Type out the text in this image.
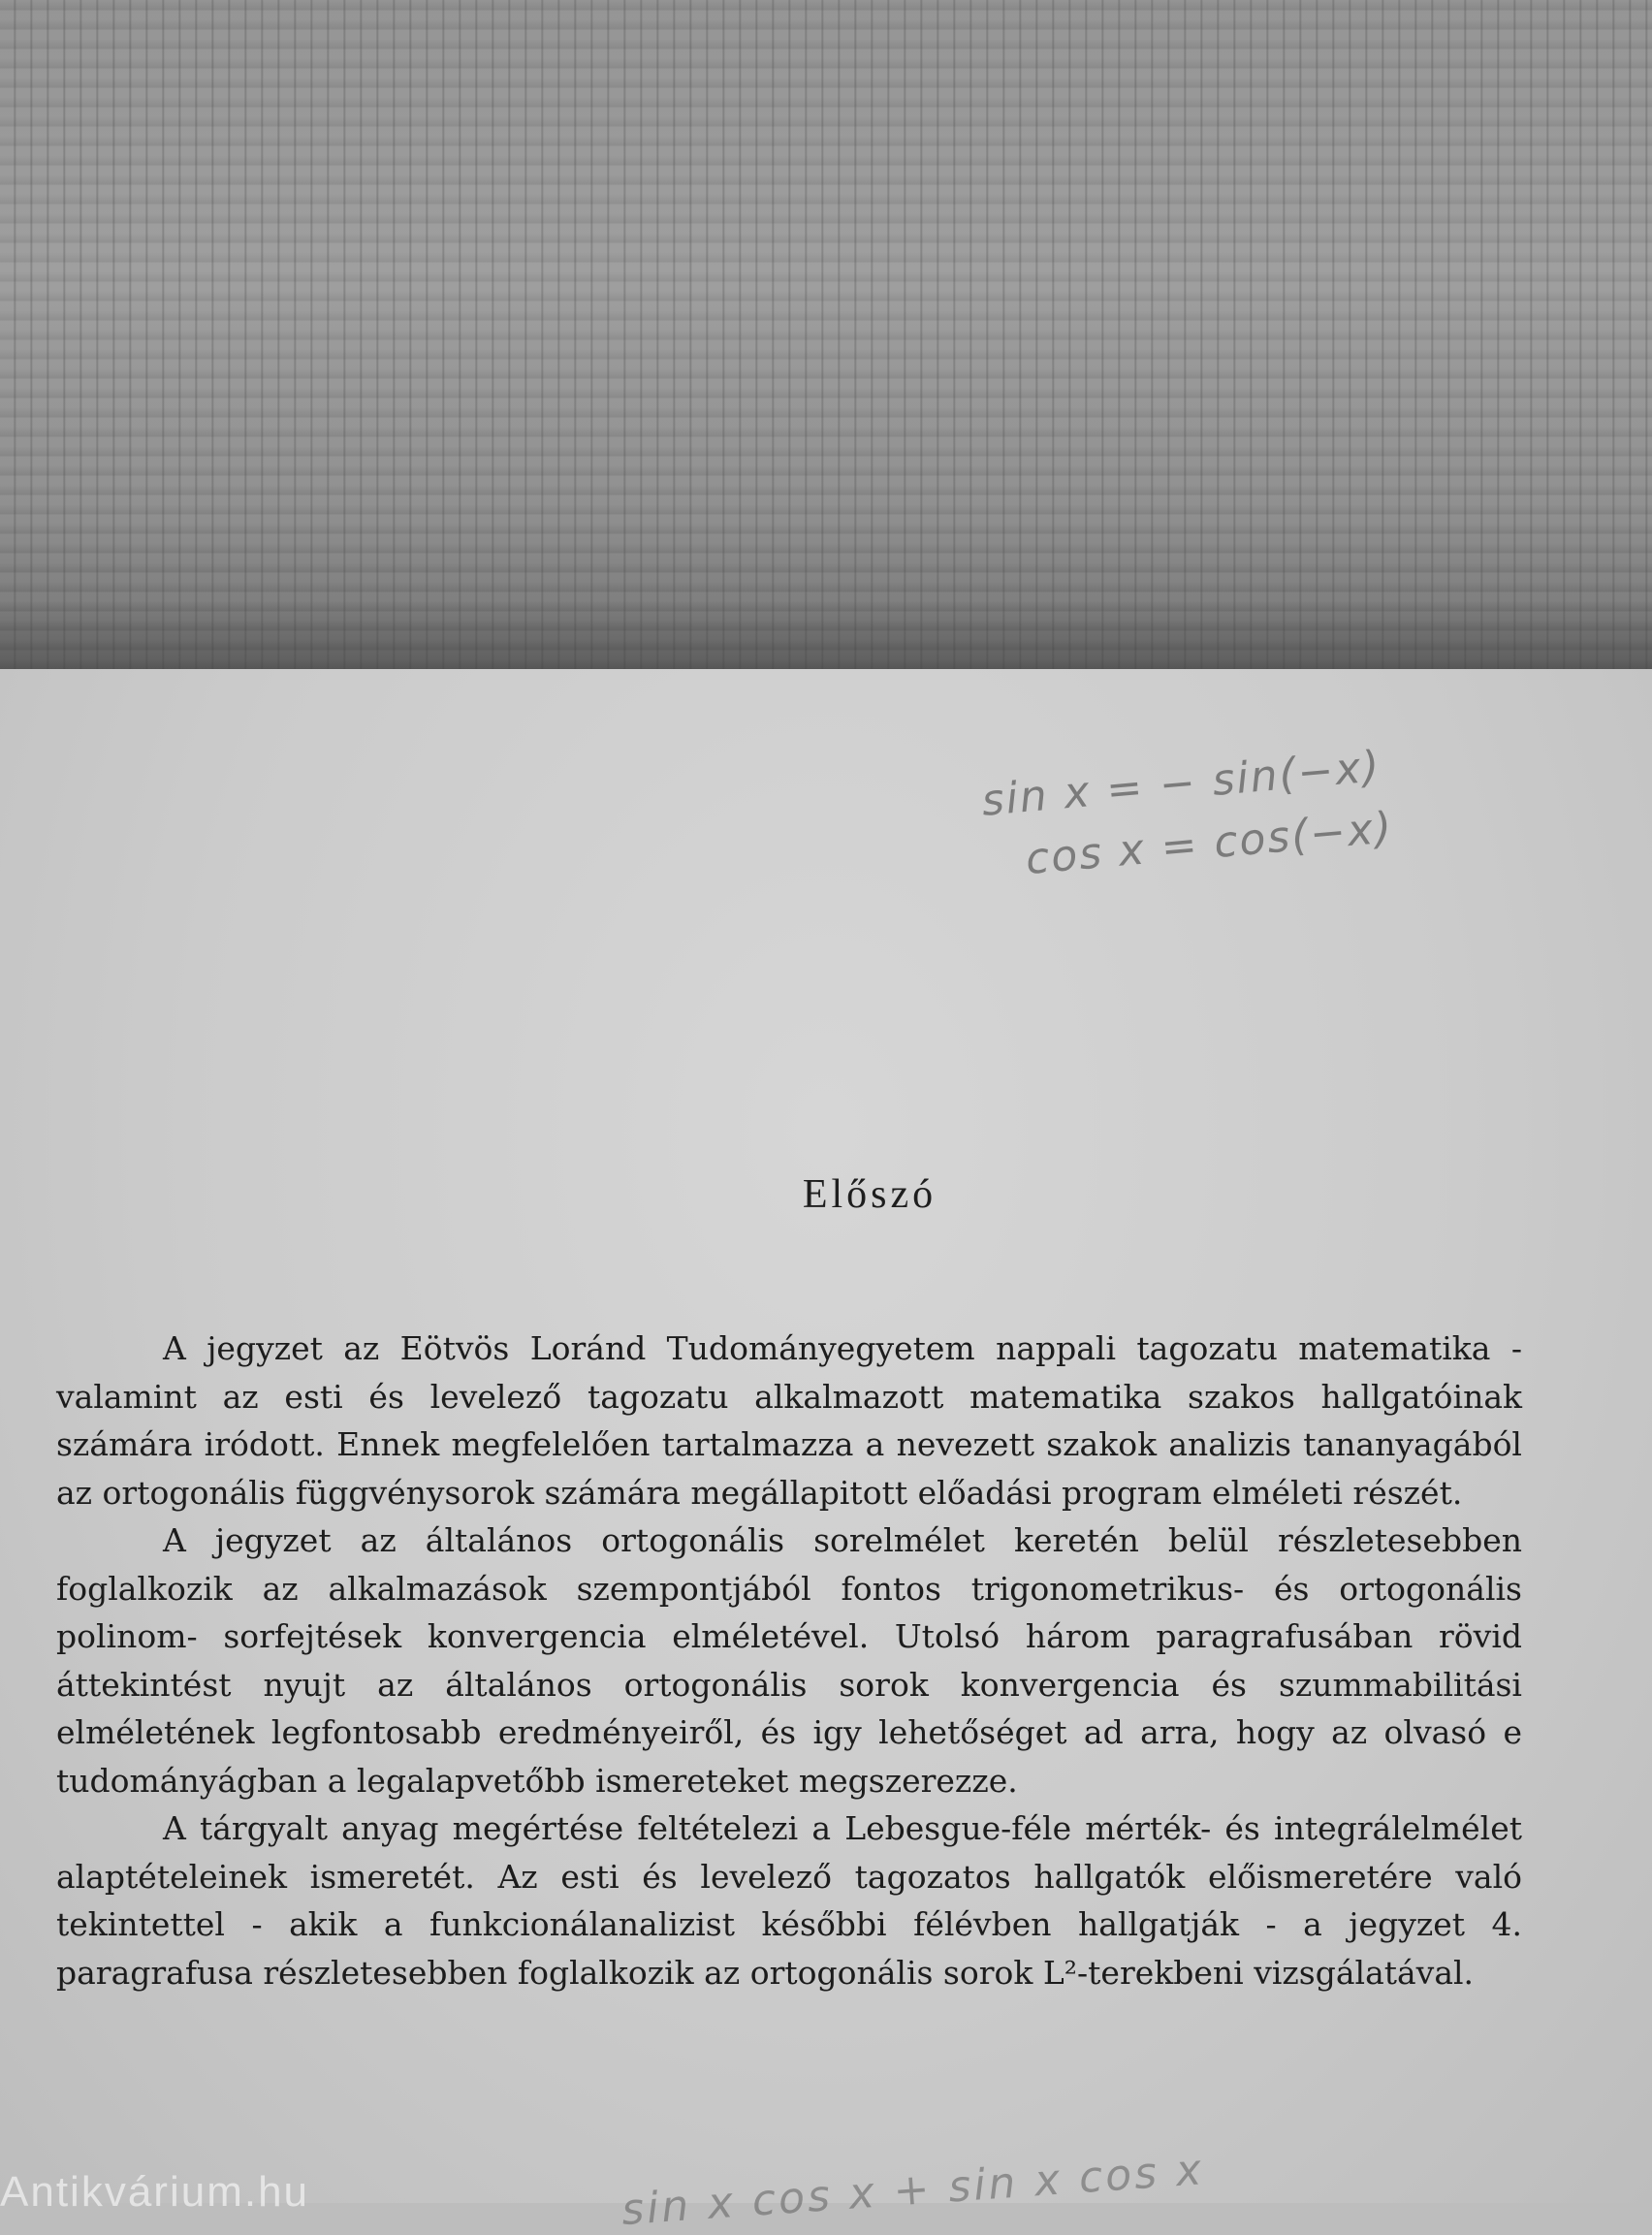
sin x = − sin(−x)
cos x = cos(−x)
Előszó

A jegyzet az Eötvös Loránd Tudományegyetem nappali tagozatu matematika - valamint az esti és levelező tagozatu alkalmazott matematika szakos hallgatóinak számára iródott. Ennek megfelelően tartalmazza a nevezett szakok analizis tananyagából az ortogonális függvénysorok számára megállapitott előadási program elméleti részét.

A jegyzet az általános ortogonális sorelmélet keretén belül részletesebben foglalkozik az alkalmazások szempontjából fontos trigonometrikus- és ortogonális polinom- sorfejtések konvergencia elméletével. Utolsó három paragrafusában rövid áttekintést nyujt az általános ortogonális sorok konvergencia és szummabilitási elméletének legfontosabb eredményeiről, és igy lehetőséget ad arra, hogy az olvasó e tudományágban a legalapvetőbb ismereteket megszerezze.

A tárgyalt anyag megértése feltételezi a Lebesgue-féle mérték- és integrálelmélet alaptételeinek ismeretét. Az esti és levelező tagozatos hallgatók előismeretére való tekintettel - akik a funkcionálanalizist későbbi félévben hallgatják - a jegyzet 4. paragrafusa részletesebben foglalkozik az ortogonális sorok L²-terekbeni vizsgálatával.

sin x cos x + sin x cos x
Antikvárium.hu
